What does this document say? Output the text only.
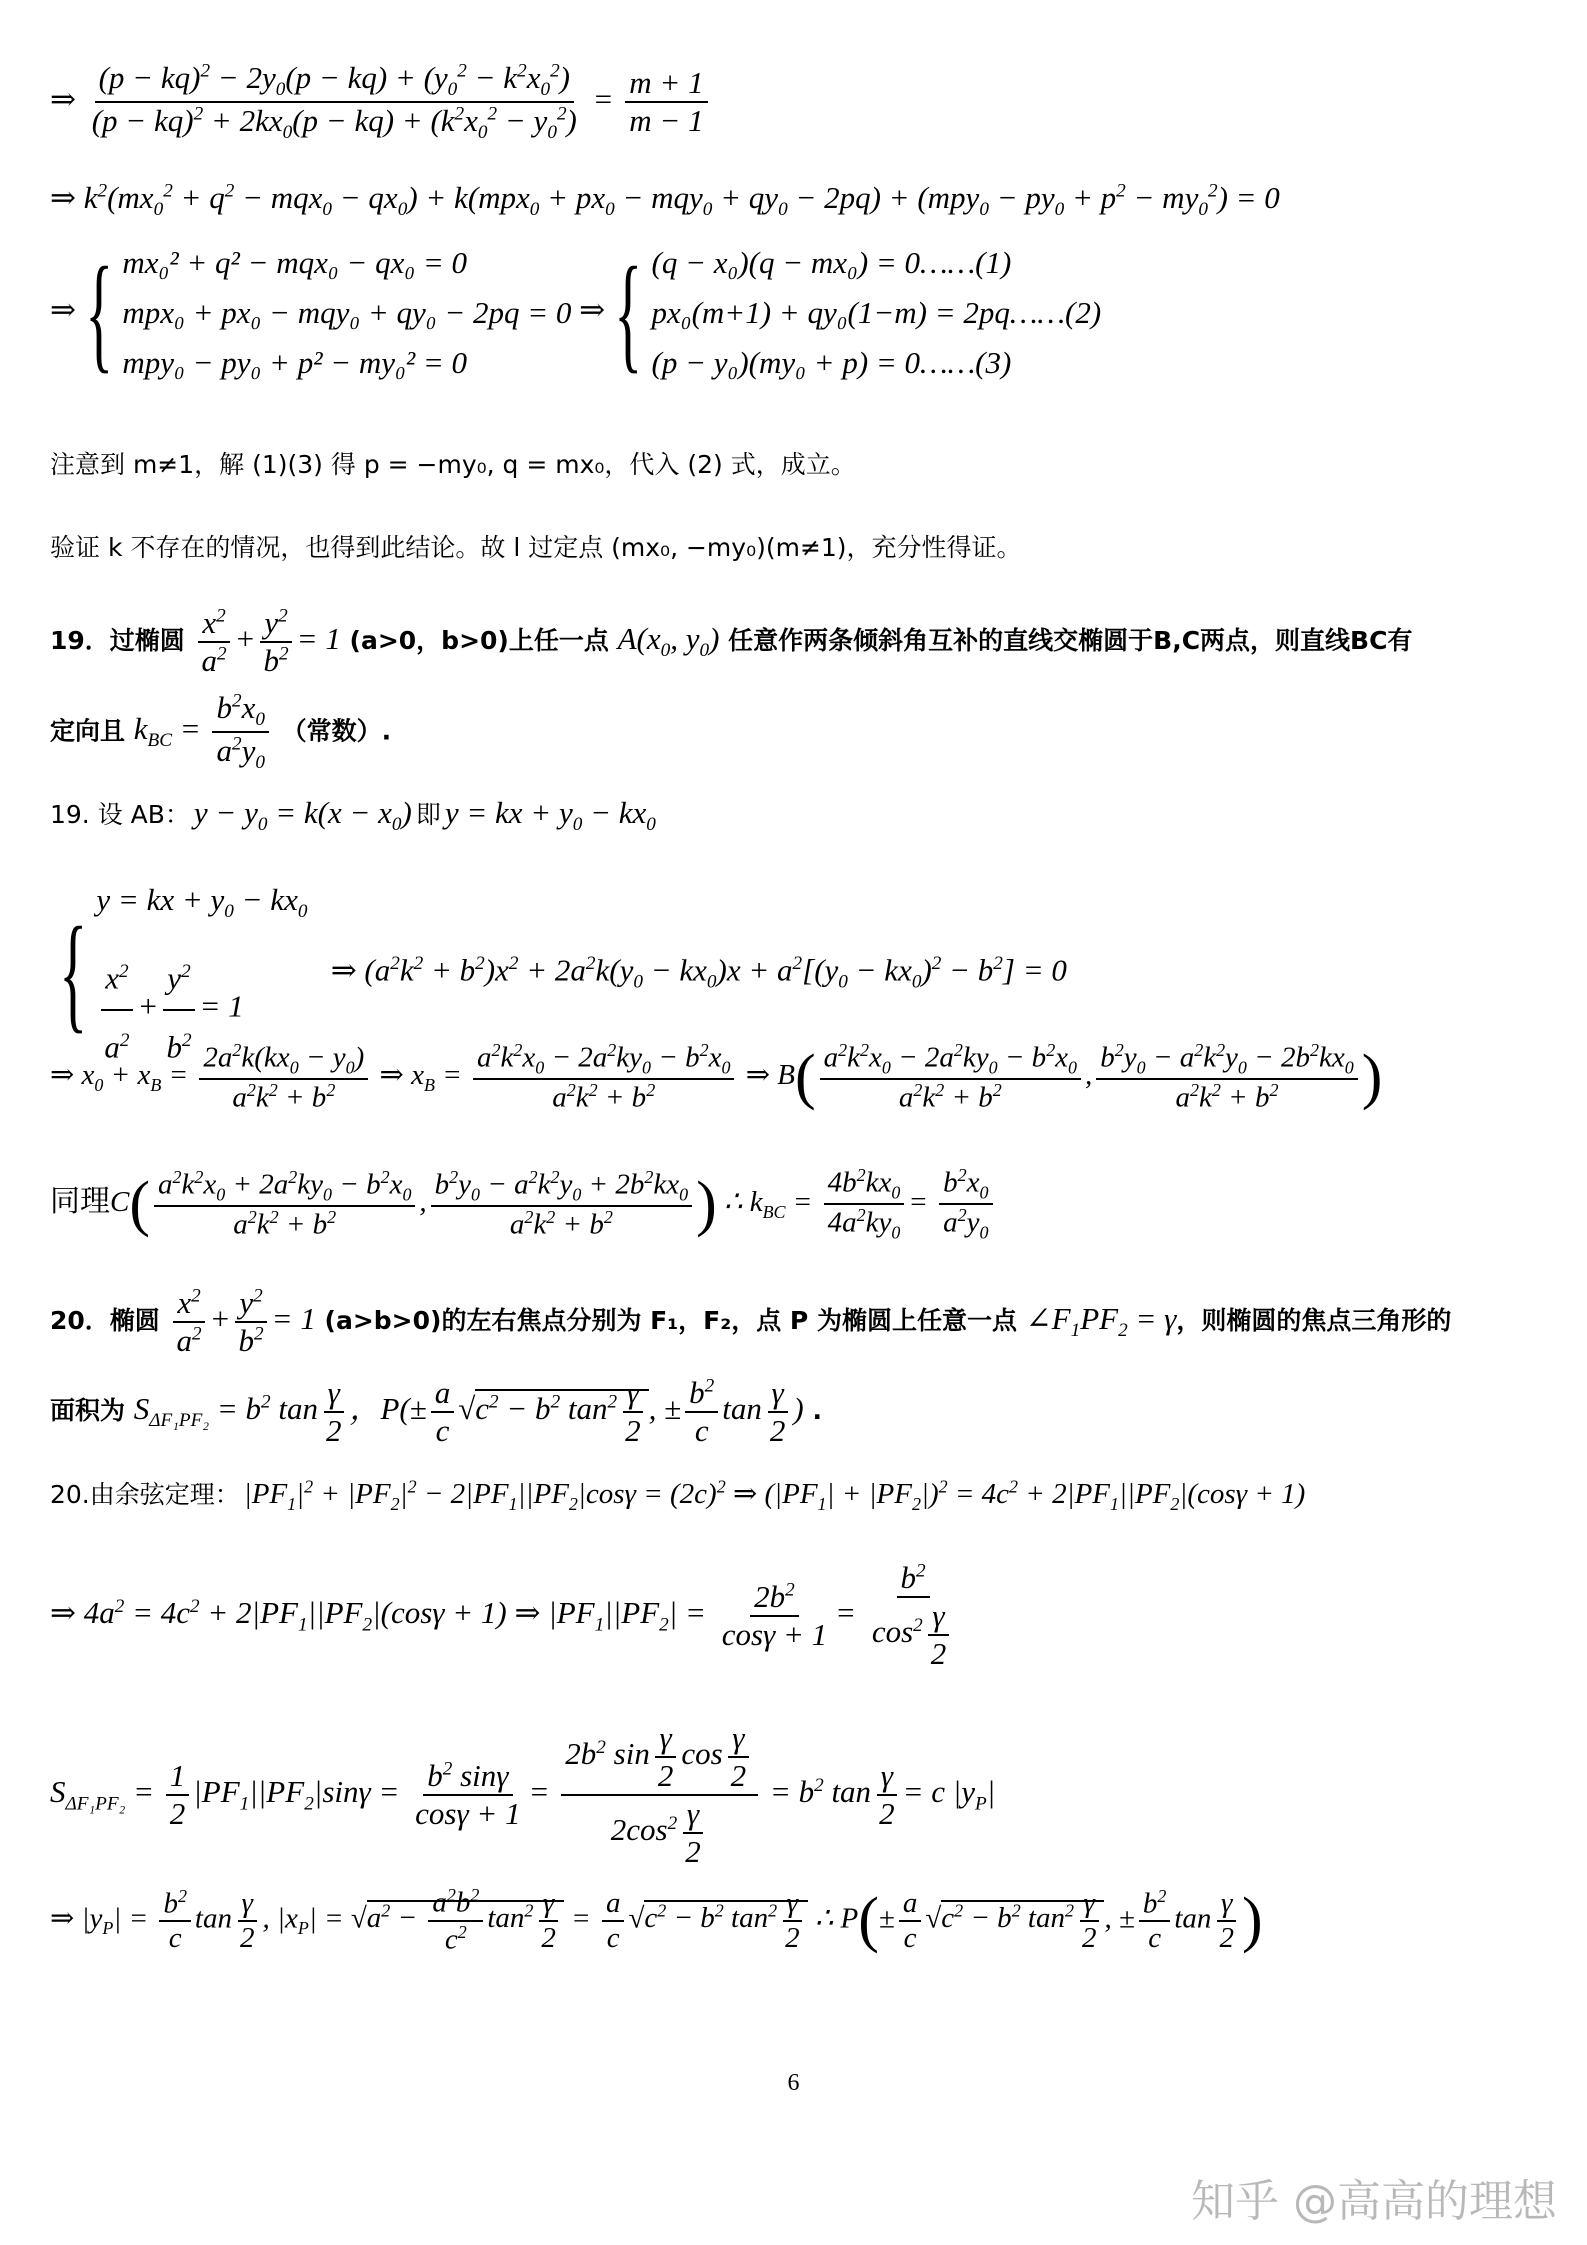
⇒ $\frac{(p - kq)^2 - 2y_0(p - kq) + (y_0^2 - k^2x_0^2)}{(p - kq)^2 + 2kx_0(p - kq) + (k^2x_0^2 - y_0^2)} = \frac{m + 1}{m - 1}$
⇒ $k^2(mx_0^2 + q^2 - mqx_0 - qx_0) + k(mpx_0 + px_0 - mqy_0 + qy_0 - 2pq) + (mpy_0 - py_0 + p^2 - my_0^2) = 0$
⇒{ mx₀² + q² − mqx₀ − qx₀ = 0
mpx₀ + px₀ − mqy₀ + qy₀ − 2pq = 0
mpy₀ − py₀ + p² − my₀² = 0
⇒{ (q − x₀)(q − mx₀) = 0……(1)
px₀(m+1) + qy₀(1−m) = 2pq……(2)
(p − y₀)(my₀ + p) = 0……(3)
注意到 m≠1，解 (1)(3) 得 p = −my₀, q = mx₀，代入 (2) 式，成立。
验证 k 不存在的情况，也得到此结论。故 l 过定点 (mx₀, −my₀)(m≠1)，充分性得证。
19．过椭圆 $\frac{x^2}{a^2} + \frac{y^2}{b^2} = 1$ (a>0，b>0)上任一点 $A(x_0$, $y_0$) 任意作两条倾斜角互补的直线交椭圆于B,C两点，则直线BC有
定向且 $k_{BC} = \frac{b^2x_0}{a^2y_0}$ （常数）.
19. 设 AB： $y - y_0 = k(x - x_0)$ 即 y = kx + $y_0 - kx_0$
{
y = kx + $y_0 - kx_0$
$\frac{x^2}{a^2} + \frac{y^2}{b^2} = 1$
⇒ $(a^2k^2 + b^2)x^2 + 2a^2k(y_0 - kx_0)x + a^2[(y_0 - kx_0)^2 - b^2] = 0$
⇒ $x_0 + x_B = \frac{2a^2k(kx_0 - y_0)}{a^2k^2 + b^2}$ ⇒ $x_B = \frac{a^2k^2x_0 - 2a^2ky_0 - b^2x_0}{a^2k^2 + b^2}$ ⇒ $B( \frac{a^2k^2x_0 - 2a^2ky_0 - b^2x_0}{a^2k^2 + b^2}$ , $\frac{b^2y_0 - a^2k^2y_0 - 2b^2kx_0}{a^2k^2 + b^2}$ )
同理$C( \frac{a^2k^2x_0 + 2a^2ky_0 - b^2x_0}{a^2k^2 + b^2}$ , $\frac{b^2y_0 - a^2k^2y_0 + 2b^2kx_0}{a^2k^2 + b^2}$ ) ∴ $k_{BC} = \frac{4b^2kx_0}{4a^2ky_0} = \frac{b^2x_0}{a^2y_0}$
20．椭圆 $\frac{x^2}{a^2} + \frac{y^2}{b^2} = 1$ (a>b>0)的左右焦点分别为 F₁，F₂，点 P 为椭圆上任意一点 $\angle F_1PF_2 = \gamma$，则椭圆的焦点三角形的
面积为 $S_{\Delta F_1PF_2} = b^2$ $\tan \frac{\gamma}{2}$ ，$P(\pm \frac{a}{c} √c^2 - b^2$ $\tan^2 \frac{\gamma}{2}$ , ± $\frac{b^2}{c}$ $\tan \frac{\gamma}{2}$ ) .
20.由余弦定理： $|PF_1|^2 + |PF_2|^2 - 2|PF_1||PF_2|\cos\gamma = (2c)^2$ ⇒ $(|PF_1| + |PF_2|)^2 = 4c^2 + 2|PF_1||PF_2|(\cos\gamma + 1)$
⇒ $4a^2 = 4c^2 + 2|PF_1||PF_2|(\cos\gamma + 1)$ ⇒ $|PF_1||PF_2| = \frac{2b^2}{\cos\gamma + 1} = \frac{b^2}{\cos^2 \frac{\gamma}{2}}$
$S_{\Delta F_1PF_2} = \frac{1}{2} |PF_1||PF_2|\sin\gamma = \frac{b^2 \sin\gamma}{\cos\gamma + 1} = \frac{2b^2 \sin \frac{\gamma}{2} \cos \frac{\gamma}{2}}{2\cos^2 \frac{\gamma}{2}} = b^2$ $\tan \frac{\gamma}{2} = c$ $|y_P|$
⇒ $|y_P| = \frac{b^2}{c}$ $\tan \frac{\gamma}{2}$ , $|x_P| = √a^2 - \frac{a^2b^2}{c^2} \tan^2 \frac{\gamma}{2} = \frac{a}{c} √c^2 - b^2$ $\tan^2 \frac{\gamma}{2}$ ∴ $P(\pm \frac{a}{c} √c^2 - b^2$ $\tan^2 \frac{\gamma}{2}$ , ± $\frac{b^2}{c}$ $\tan \frac{\gamma}{2}$ )
6
知乎 @高高的理想
